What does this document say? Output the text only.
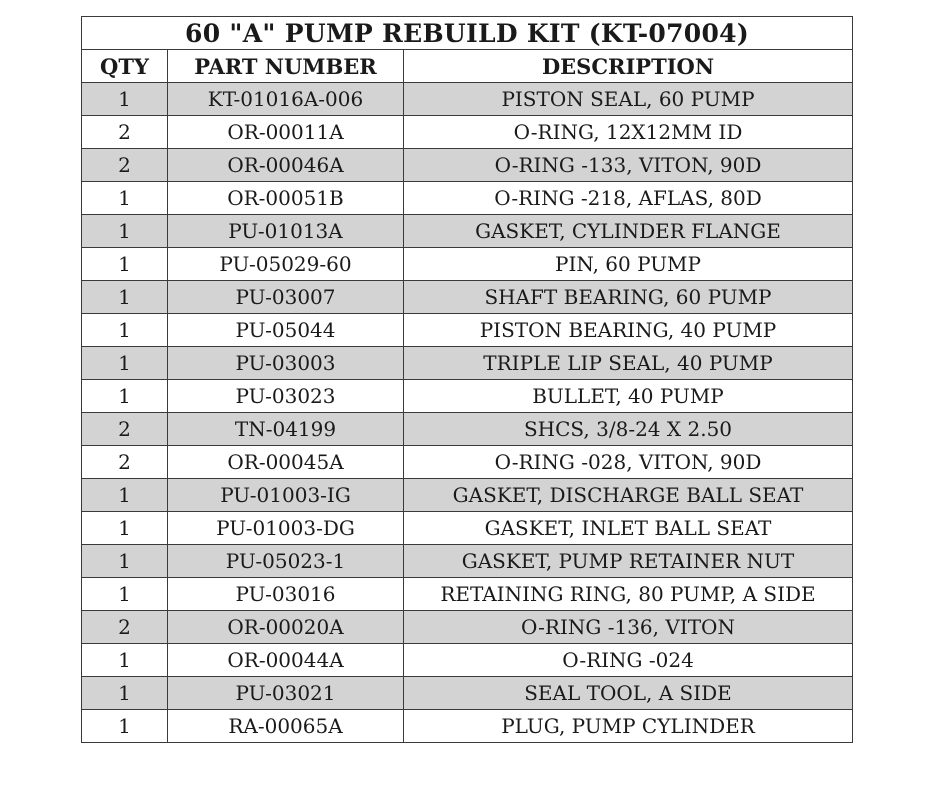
60 "A" PUMP REBUILD KIT (KT-07004)		
QTY	PART NUMBER	DESCRIPTION
1	KT-01016A-006	PISTON SEAL, 60 PUMP
2	OR-00011A	O-RING, 12X12MM ID
2	OR-00046A	O-RING -133, VITON, 90D
1	OR-00051B	O-RING -218, AFLAS, 80D
1	PU-01013A	GASKET, CYLINDER FLANGE
1	PU-05029-60	PIN, 60 PUMP
1	PU-03007	SHAFT BEARING, 60 PUMP
1	PU-05044	PISTON BEARING, 40 PUMP
1	PU-03003	TRIPLE LIP SEAL, 40 PUMP
1	PU-03023	BULLET, 40 PUMP
2	TN-04199	SHCS, 3/8-24 X 2.50
2	OR-00045A	O-RING -028, VITON, 90D
1	PU-01003-IG	GASKET, DISCHARGE BALL SEAT
1	PU-01003-DG	GASKET, INLET BALL SEAT
1	PU-05023-1	GASKET, PUMP RETAINER NUT
1	PU-03016	RETAINING RING, 80 PUMP, A SIDE
2	OR-00020A	O-RING -136, VITON
1	OR-00044A	O-RING -024
1	PU-03021	SEAL TOOL, A SIDE
1	RA-00065A	PLUG, PUMP CYLINDER
